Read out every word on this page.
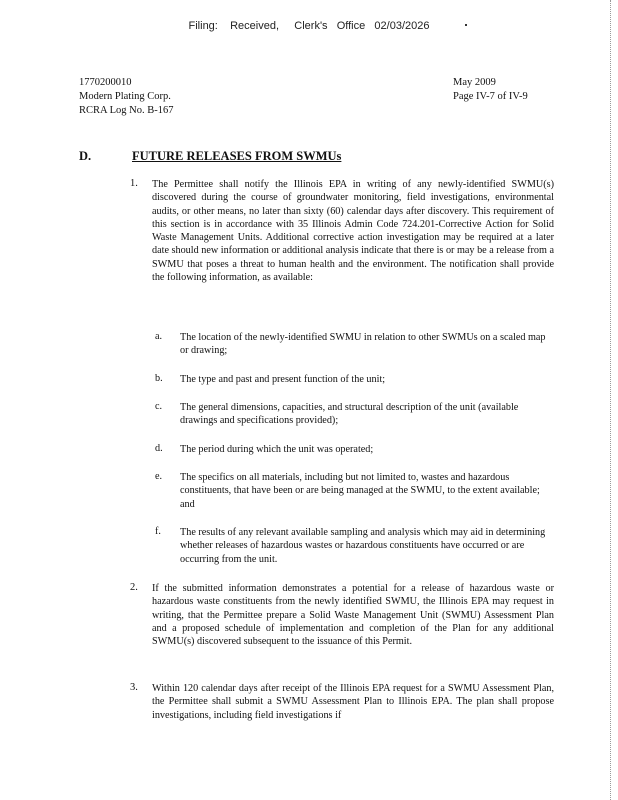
Filing:    Received,     Clerk's   Office   02/03/2026
1770200010
Modern Plating Corp.
RCRA Log No. B-167
May 2009
Page IV-7 of IV-9
D.	FUTURE RELEASES FROM SWMUs
1. The Permittee shall notify the Illinois EPA in writing of any newly-identified SWMU(s) discovered during the course of groundwater monitoring, field investigations, environmental audits, or other means, no later than sixty (60) calendar days after discovery. This requirement of this section is in accordance with 35 Illinois Admin Code 724.201-Corrective Action for Solid Waste Management Units. Additional corrective action investigation may be required at a later date should new information or additional analysis indicate that there is or may be a release from a SWMU that poses a threat to human health and the environment. The notification shall provide the following information, as available:
a. The location of the newly-identified SWMU in relation to other SWMUs on a scaled map or drawing;
b. The type and past and present function of the unit;
c. The general dimensions, capacities, and structural description of the unit (available drawings and specifications provided);
d. The period during which the unit was operated;
e. The specifics on all materials, including but not limited to, wastes and hazardous constituents, that have been or are being managed at the SWMU, to the extent available; and
f. The results of any relevant available sampling and analysis which may aid in determining whether releases of hazardous wastes or hazardous constituents have occurred or are occurring from the unit.
2. If the submitted information demonstrates a potential for a release of hazardous waste or hazardous waste constituents from the newly identified SWMU, the Illinois EPA may request in writing, that the Permittee prepare a Solid Waste Management Unit (SWMU) Assessment Plan and a proposed schedule of implementation and completion of the Plan for any additional SWMU(s) discovered subsequent to the issuance of this Permit.
3. Within 120 calendar days after receipt of the Illinois EPA request for a SWMU Assessment Plan, the Permittee shall submit a SWMU Assessment Plan to Illinois EPA. The plan shall propose investigations, including field investigations if
